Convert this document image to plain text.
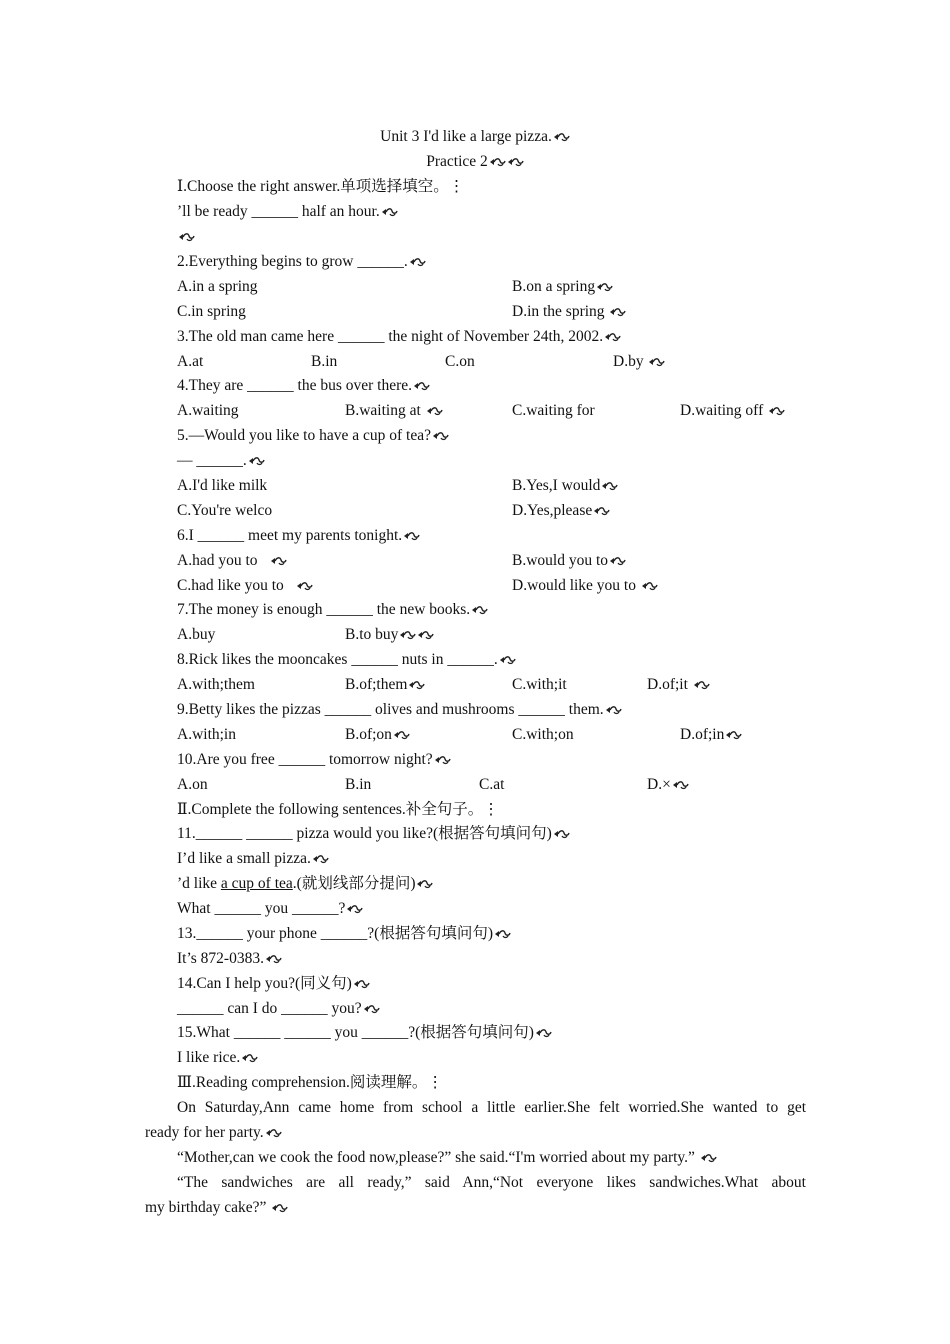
Unit 3 I'd like a large pizza.
Practice 2
Ⅰ.Choose the right answer.单项选择填空。⋮
’ll be ready ______ half an hour.
2.Everything begins to grow ______.
A.in a spring	B.on a spring
C.in spring	D.in the spring
3.The old man came here ______ the night of November 24th, 2002.
A.at	B.in	C.on	D.by
4.They are ______ the bus over there.
A.waiting	B.waiting at	C.waiting for	D.waiting off
5.—Would you like to have a cup of tea?
— ______.
A.I'd like milk	B.Yes,I would
C.You're welco	D.Yes,please
6.I ______ meet my parents tonight.
A.had you to	B.would you to
C.had like you to	D.would like you to
7.The money is enough ______ the new books.
A.buy	B.to buy
8.Rick likes the mooncakes ______ nuts in ______.
A.with;them	B.of;them	C.with;it	D.of;it
9.Betty likes the pizzas ______ olives and mushrooms ______ them.
A.with;in	B.of;on	C.with;on	D.of;in
10.Are you free ______ tomorrow night?
A.on	B.in	C.at	D.×
Ⅱ.Complete the following sentences.补全句子。⋮
11.______ ______ pizza would you like?(根据答句填问句)
I’d like a small pizza.
’d like a cup of tea.(就划线部分提问)
What ______ you ______?
13.______ your phone ______?(根据答句填问句)
It’s 872-0383.
14.Can I help you?(同义句)
______ can I do ______ you?
15.What ______ ______ you ______?(根据答句填问句)
I like rice.
Ⅲ.Reading comprehension.阅读理解。⋮
On Saturday,Ann came home from school a little earlier.She felt worried.She wanted to get
ready for her party.
“Mother,can we cook the food now,please?” she said.“I'm worried about my party.”
“The sandwiches are all ready,” said Ann,“Not everyone likes sandwiches.What about
my birthday cake?”
